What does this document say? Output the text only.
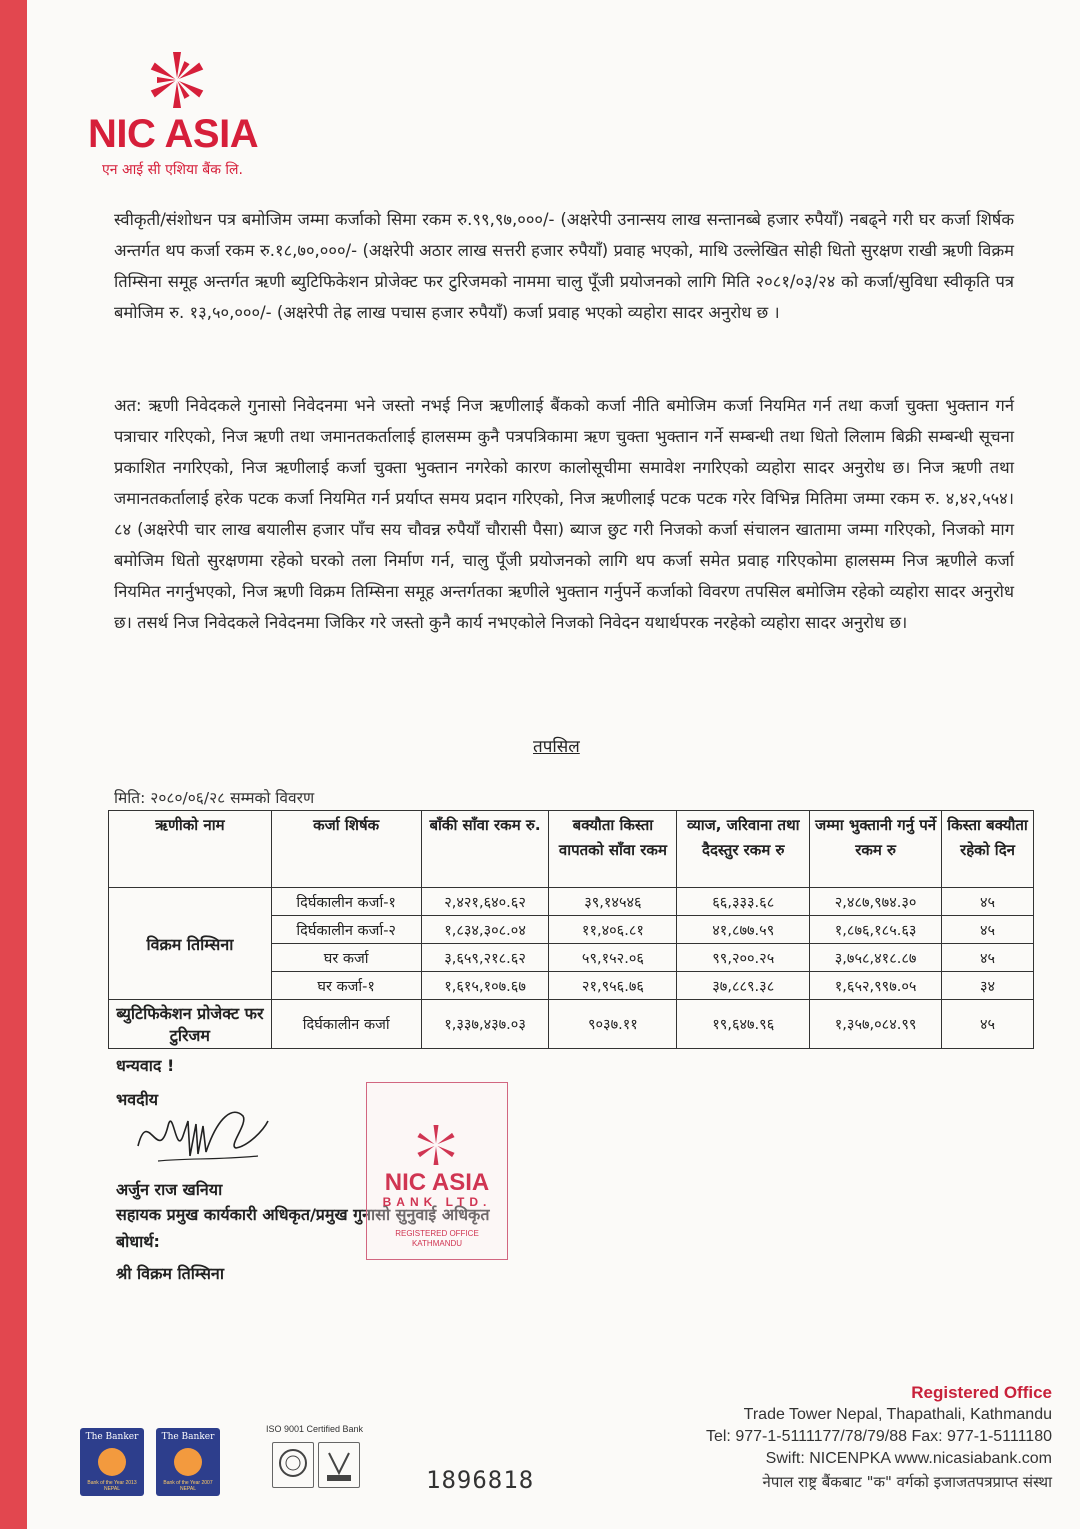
NIC ASIA
एन आई सी एशिया बैंक लि.
स्वीकृती/संशोधन पत्र बमोजिम जम्मा कर्जाको सिमा रकम रु.९९,९७,०००/- (अक्षरेपी उनान्सय लाख सन्तानब्बे हजार रुपैयाँ) नबढ्ने गरी घर कर्जा शिर्षक अन्तर्गत थप कर्जा रकम रु.१८,७०,०००/- (अक्षरेपी अठार लाख सत्तरी हजार रुपैयाँ) प्रवाह भएको, माथि उल्लेखित सोही धितो सुरक्षण राखी ऋणी विक्रम तिम्सिना समूह अन्तर्गत ऋणी ब्युटिफिकेशन प्रोजेक्ट फर टुरिजमको नाममा चालु पूँजी प्रयोजनको लागि मिति २०८१/०३/२४ को कर्जा/सुविधा स्वीकृति पत्र बमोजिम रु. १३,५०,०००/- (अक्षरेपी तेह्र लाख पचास हजार रुपैयाँ) कर्जा प्रवाह भएको व्यहोरा सादर अनुरोध छ ।
अत: ऋणी निवेदकले गुनासो निवेदनमा भने जस्तो नभई निज ऋणीलाई बैंकको कर्जा नीति बमोजिम कर्जा नियमित गर्न तथा कर्जा चुक्ता भुक्तान गर्न पत्राचार गरिएको, निज ऋणी तथा जमानतकर्तालाई हालसम्म कुनै पत्रपत्रिकामा ऋण चुक्ता भुक्तान गर्ने सम्बन्धी तथा धितो लिलाम बिक्री सम्बन्धी सूचना प्रकाशित नगरिएको, निज ऋणीलाई कर्जा चुक्ता भुक्तान नगरेको कारण कालोसूचीमा समावेश नगरिएको व्यहोरा सादर अनुरोध छ। निज ऋणी तथा जमानतकर्तालाई हरेक पटक कर्जा नियमित गर्न प्रर्याप्त समय प्रदान गरिएको, निज ऋणीलाई पटक पटक गरेर विभिन्न मितिमा जम्मा रकम रु. ४,४२,५५४।८४ (अक्षरेपी चार लाख बयालीस हजार पाँच सय चौवन्न रुपैयाँ चौरासी पैसा) ब्याज छुट गरी निजको कर्जा संचालन खातामा जम्मा गरिएको, निजको माग बमोजिम धितो सुरक्षणमा रहेको घरको तला निर्माण गर्न, चालु पूँजी प्रयोजनको लागि थप कर्जा समेत प्रवाह गरिएकोमा हालसम्म निज ऋणीले कर्जा नियमित नगर्नुभएको, निज ऋणी विक्रम तिम्सिना समूह अन्तर्गतका ऋणीले भुक्तान गर्नुपर्ने कर्जाको विवरण तपसिल बमोजिम रहेको व्यहोरा सादर अनुरोध छ। तसर्थ निज निवेदकले निवेदनमा जिकिर गरे जस्तो कुनै कार्य नभएकोले निजको निवेदन यथार्थपरक नरहेको व्यहोरा सादर अनुरोध छ।
तपसिल
मिति: २०८०/०६/२८ सम्मको विवरण
ऋणीको नाम	कर्जा शिर्षक	बाँकी साँवा रकम रु.	बक्यौता किस्ता वापतको साँवा रकम	व्याज, जरिवाना तथा दैदस्तुर रकम रु	जम्मा भुक्तानी गर्नु पर्ने रकम रु	किस्ता बक्यौता रहेको दिन
विक्रम तिम्सिना	दिर्घकालीन कर्जा-१	२,४२१,६४०.६२	३९,१४५४६	६६,३३३.६८	२,४८७,९७४.३०	४५
	दिर्घकालीन कर्जा-२	१,८३४,३०८.०४	११,४०६.८१	४१,८७७.५९	१,८७६,१८५.६३	४५
	घर कर्जा	३,६५९,२१८.६२	५९,१५२.०६	९९,२००.२५	३,७५८,४१८.८७	४५
	घर कर्जा-१	१,६१५,१०७.६७	२१,९५६.७६	३७,८८९.३८	१,६५२,९९७.०५	३४
ब्युटिफिकेशन प्रोजेक्ट फर टुरिजम	दिर्घकालीन कर्जा	१,३३७,४३७.०३	९०३७.११	१९,६४७.९६	१,३५७,०८४.९९	४५
धन्यवाद !
भवदीय
अर्जुन राज खनिया
सहायक प्रमुख कार्यकारी अधिकृत/प्रमुख गुनासो सुनुवाई अधिकृत
बोधार्थ:
श्री विक्रम तिम्सिना
NIC ASIA
BANK LTD.
REGISTERED OFFICE
KATHMANDU
Registered Office
Trade Tower Nepal, Thapathali, Kathmandu
Tel: 977-1-5111177/78/79/88 Fax: 977-1-5111180
Swift: NICENPKA www.nicasiabank.com
नेपाल राष्ट्र बैंकबाट "क" वर्गको इजाजतपत्रप्राप्त संस्था
The Banker
Bank of the Year 2013 NEPAL
The Banker
Bank of the Year 2007 NEPAL
ISO 9001 Certified Bank
1896818
